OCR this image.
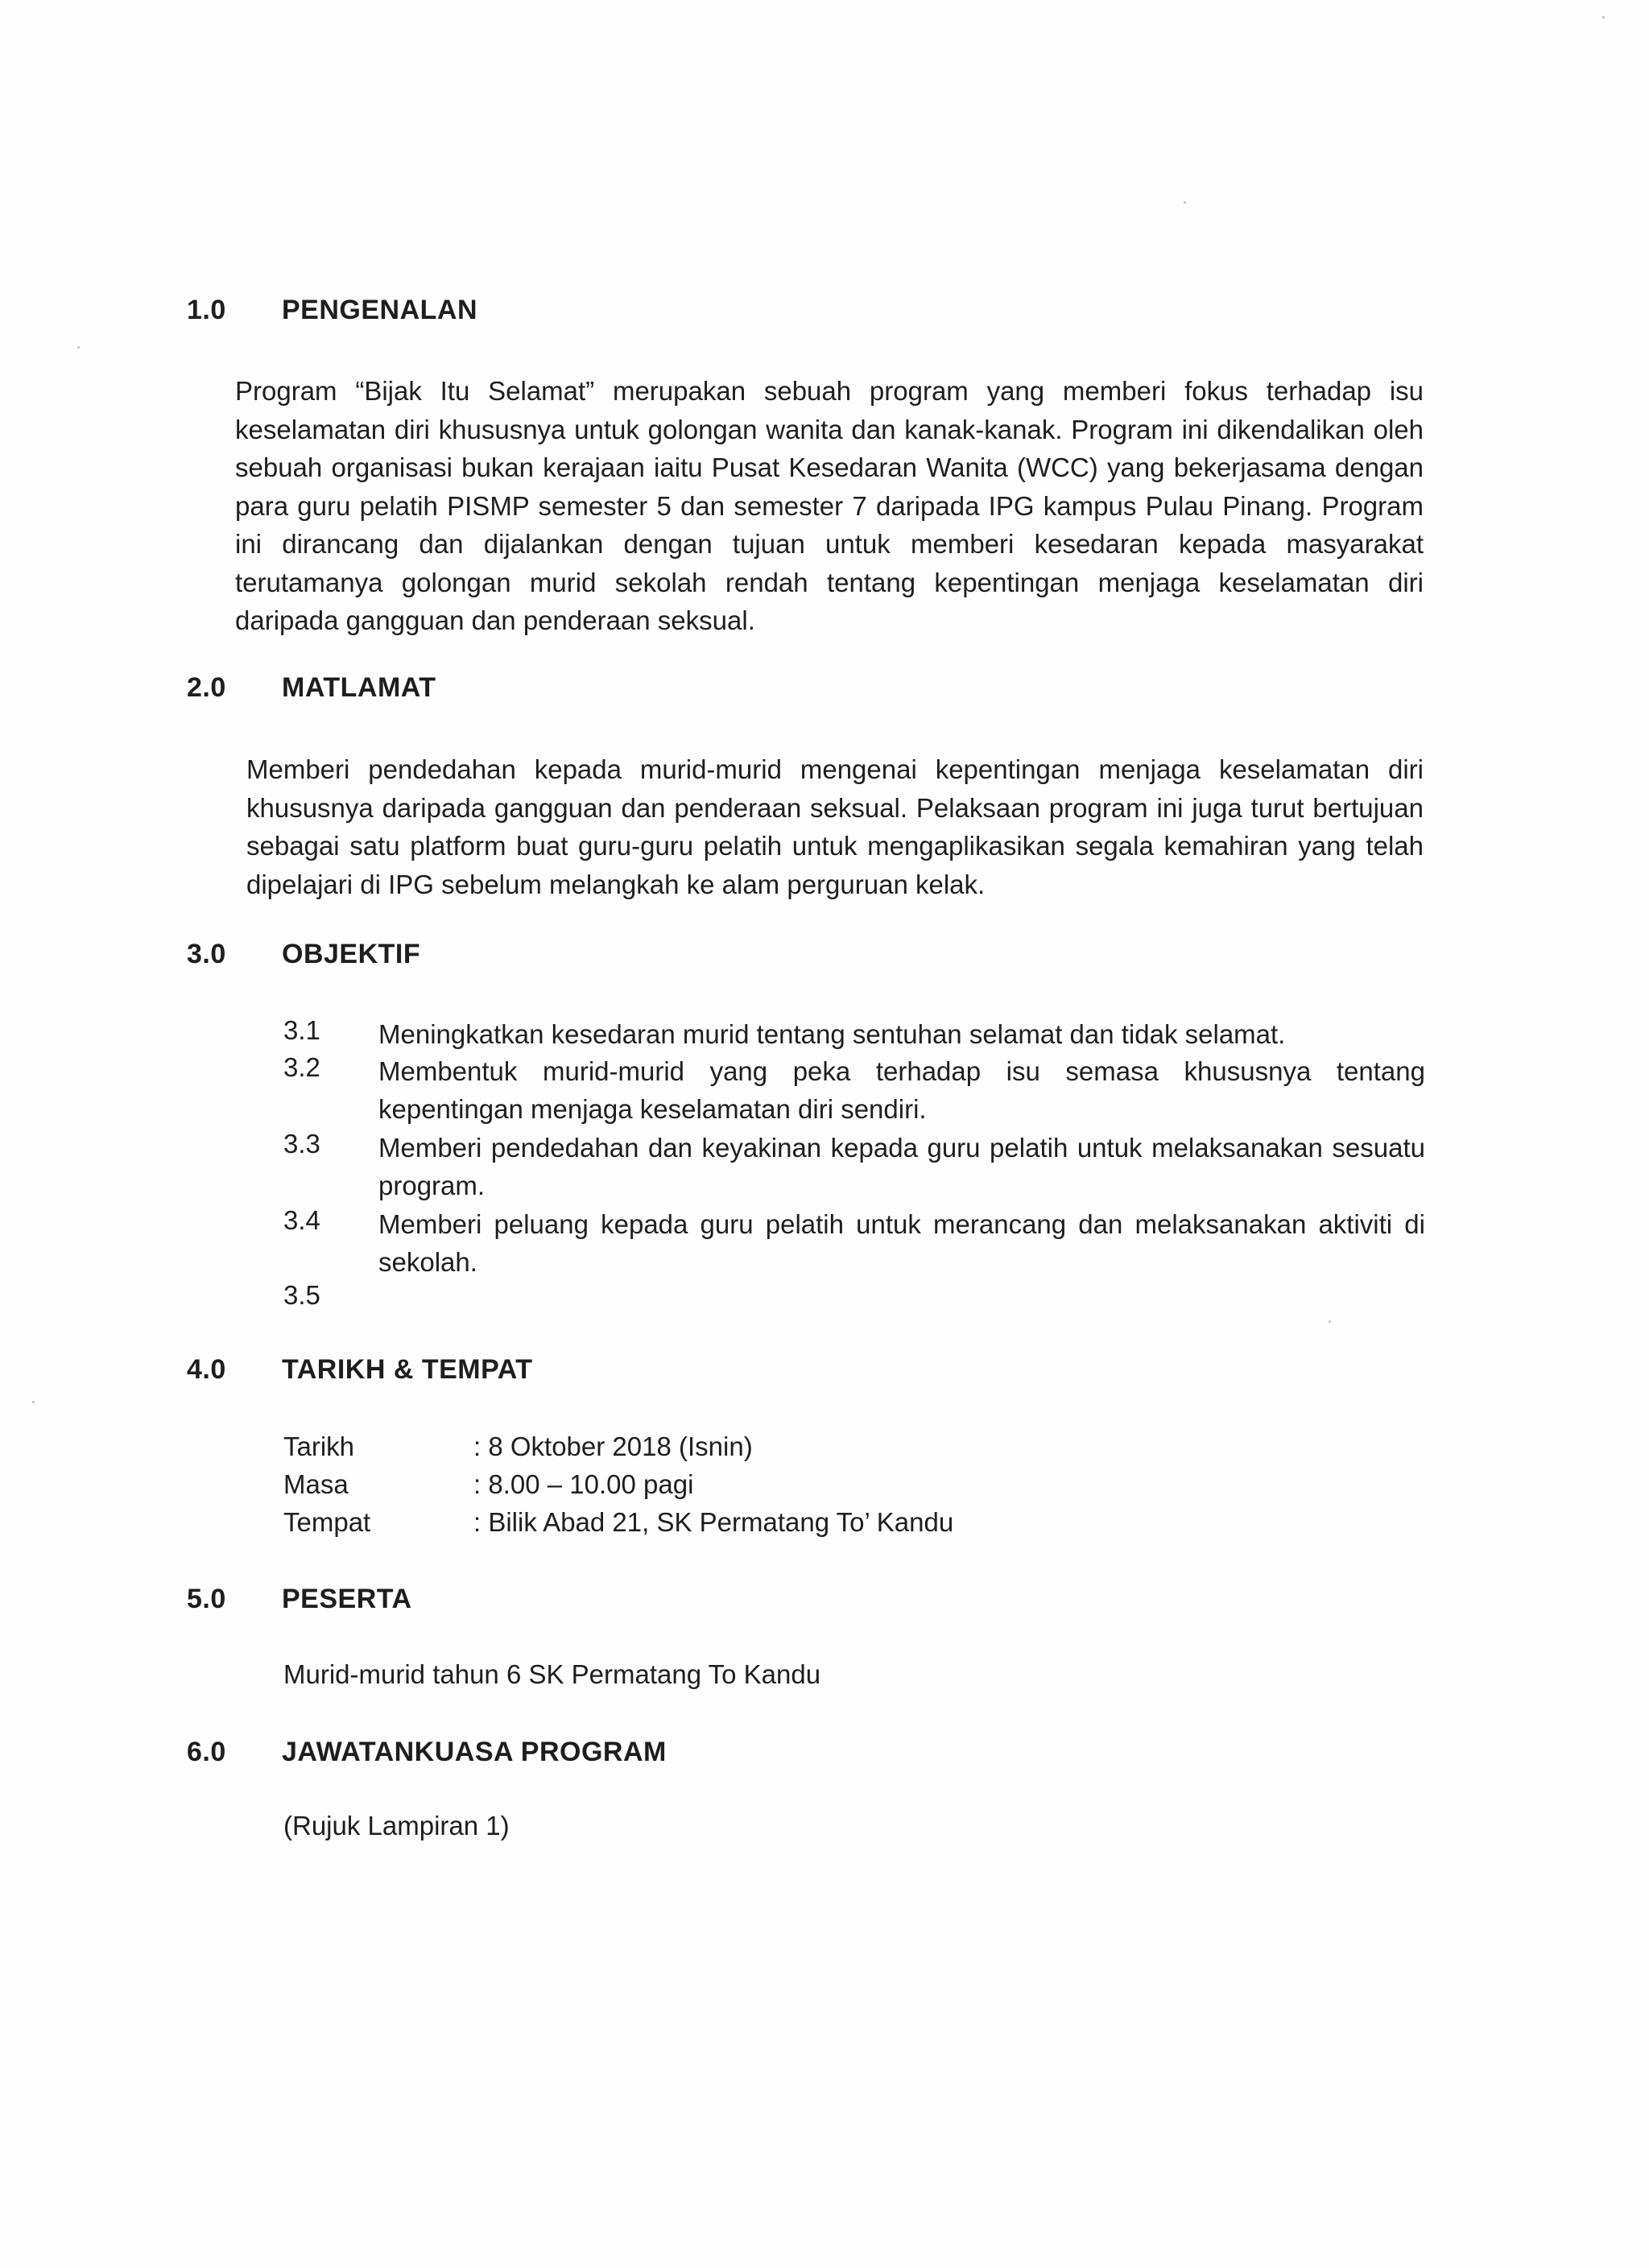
1.0 PENGENALAN
Program “Bijak Itu Selamat” merupakan sebuah program yang memberi fokus terhadap isu keselamatan diri khususnya untuk golongan wanita dan kanak-kanak. Program ini dikendalikan oleh sebuah organisasi bukan kerajaan iaitu Pusat Kesedaran Wanita (WCC) yang bekerjasama dengan para guru pelatih PISMP semester 5 dan semester 7 daripada IPG kampus Pulau Pinang. Program ini dirancang dan dijalankan dengan tujuan untuk memberi kesedaran kepada masyarakat terutamanya golongan murid sekolah rendah tentang kepentingan menjaga keselamatan diri daripada gangguan dan penderaan seksual.
2.0 MATLAMAT
Memberi pendedahan kepada murid-murid mengenai kepentingan menjaga keselamatan diri khususnya daripada gangguan dan penderaan seksual. Pelaksaan program ini juga turut bertujuan sebagai satu platform buat guru-guru pelatih untuk mengaplikasikan segala kemahiran yang telah dipelajari di IPG sebelum melangkah ke alam perguruan kelak.
3.0 OBJEKTIF
3.1 Meningkatkan kesedaran murid tentang sentuhan selamat dan tidak selamat.
3.2 Membentuk murid-murid yang peka terhadap isu semasa khususnya tentang kepentingan menjaga keselamatan diri sendiri.
3.3 Memberi pendedahan dan keyakinan kepada guru pelatih untuk melaksanakan sesuatu program.
3.4 Memberi peluang kepada guru pelatih untuk merancang dan melaksanakan aktiviti di sekolah.
3.5
4.0 TARIKH & TEMPAT
Tarikh	: 8 Oktober 2018 (Isnin)
Masa	: 8.00 – 10.00 pagi
Tempat	: Bilik Abad 21, SK Permatang To’ Kandu
5.0 PESERTA
Murid-murid tahun 6 SK Permatang To Kandu
6.0 JAWATANKUASA PROGRAM
(Rujuk Lampiran 1)
